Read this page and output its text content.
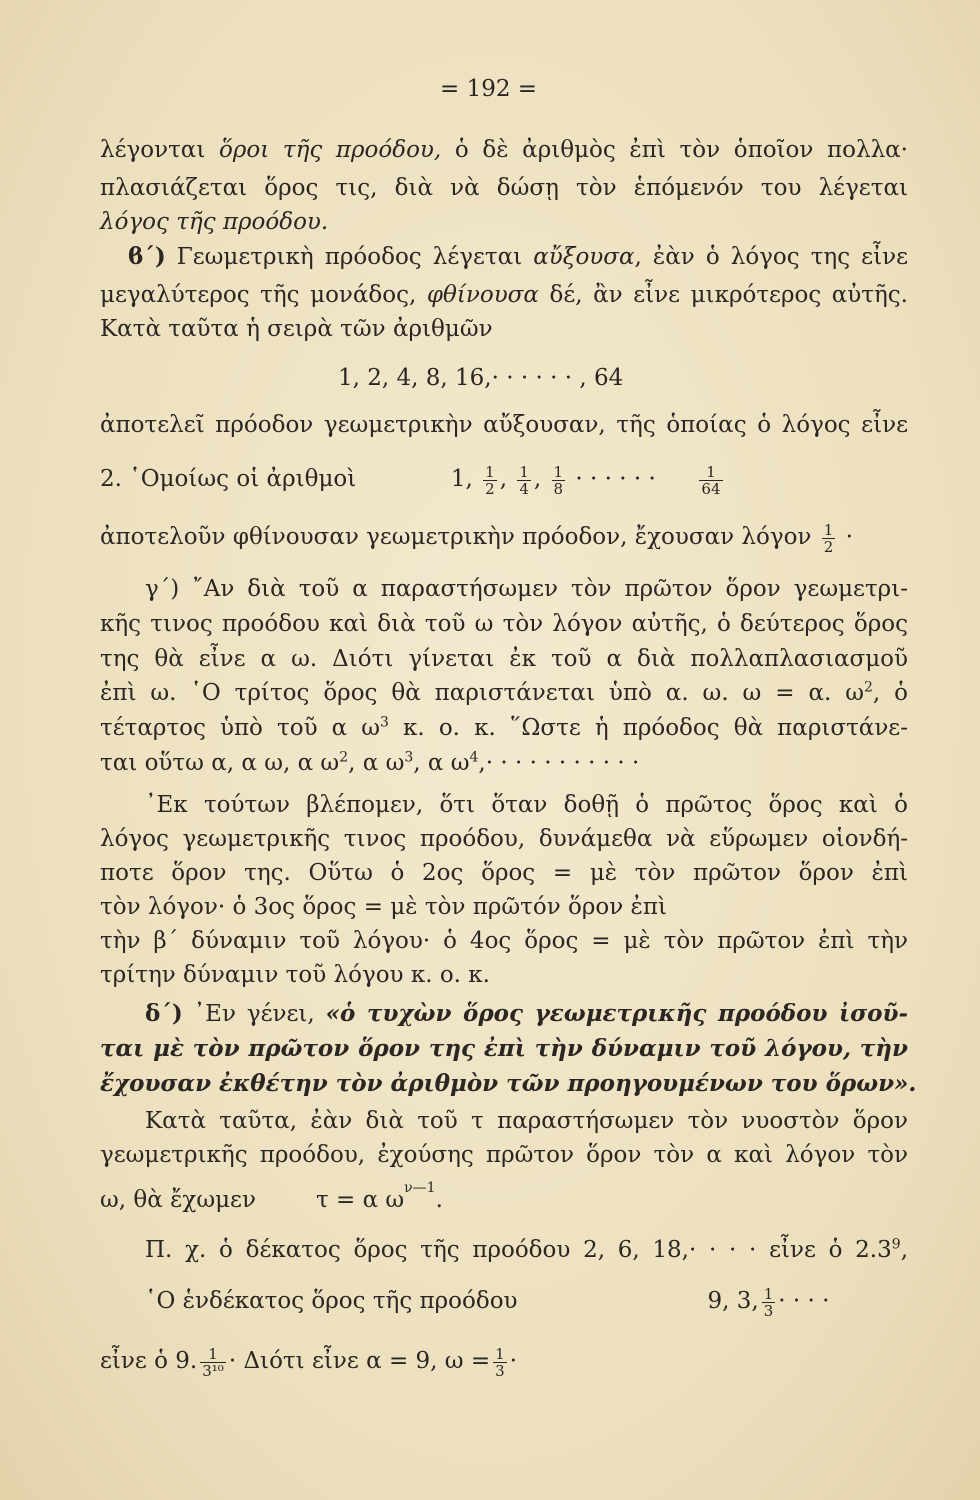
= 192 =
λέγονται ὅροι τῆς προόδου, ὁ δὲ ἀριθμὸς ἐπὶ τὸν ὁποῖον πολλα·
πλασιάζεται ὅρος τις, διὰ νὰ δώσῃ τὸν ἑπόμενόν του λέγεται
λόγος τῆς προόδου.
ϐ΄) Γεωμετρικὴ πρόοδος λέγεται αὔξουσα, ἐὰν ὁ λόγος της εἶνε
μεγαλύτερος τῆς μονάδος, φθίνουσα δέ, ἂν εἶνε μικρότερος αὐτῆς.
Κατὰ ταῦτα ἡ σειρὰ τῶν ἀριθμῶν
1, 2, 4, 8, 16,· · · · · · , 64
ἀποτελεῖ πρόοδον γεωμετρικὴν αὔξουσαν, τῆς ὁποίας ὁ λόγος εἶνε
2. ῾Ομοίως οἱ ἀριθμοὶ	1, $\frac{1}{2}$ , $\frac{1}{4}$ , $\frac{1}{8}$ · · · · · ·	$\frac{1}{64}$
ἀποτελοῦν φθίνουσαν γεωμετρικὴν πρόοδον, ἔχουσαν λόγον $\frac{1}{2}$ ·
γ΄) ῎Αν διὰ τοῦ α παραστήσωμεν τὸν πρῶτον ὅρον γεωμετρι-
κῆς τινος προόδου καὶ διὰ τοῦ ω τὸν λόγον αὐτῆς, ὁ δεύτερος ὅρος
της θὰ εἶνε α ω. Διότι γίνεται ἐκ τοῦ α διὰ πολλαπλασιασμοῦ
ἐπὶ ω. ῾Ο τρίτος ὅρος θὰ παριστάνεται ὑπὸ α. ω. ω = α. $\omega^2$, ὁ
τέταρτος ὑπὸ τοῦ α $\omega^3$ κ. ο. κ. ῞Ωστε ἡ πρόοδος θὰ παριστάνε-
ται οὕτω α, α ω, α $\omega^2$, α $\omega^3$, α $\omega^4,\cdot$ · · · · · · · · · ·
᾿Εκ τούτων βλέπομεν, ὅτι ὅταν δοθῇ ὁ πρῶτος ὅρος καὶ ὁ
λόγος γεωμετρικῆς τινος προόδου, δυνάμεθα νὰ εὕρωμεν οἱονδή-
ποτε ὅρον της. Οὕτω ὁ 2ος ὅρος = μὲ τὸν πρῶτον ὅρον ἐπὶ
τὸν λόγον· ὁ 3ος ὅρος = μὲ τὸν πρῶτόν ὅρον ἐπὶ
τὴν β΄ δύναμιν τοῦ λόγου· ὁ 4ος ὅρος = μὲ τὸν πρῶτον ἐπὶ τὴν
τρίτην δύναμιν τοῦ λόγου κ. ο. κ.
δ΄) ᾿Εν γένει, «ὁ τυχὼν ὅρος γεωμετρικῆς προόδου ἰσοῦ-
ται μὲ τὸν πρῶτον ὅρον της ἐπὶ τὴν δύναμιν τοῦ λόγου, τὴν
ἔχουσαν ἐκθέτην τὸν ἀριθμὸν τῶν προηγουμένων του ὅρων».
Κατὰ ταῦτα, ἐὰν διὰ τοῦ τ παραστήσωμεν τὸν νυοστὸν ὅρον
γεωμετρικῆς προόδου, ἐχούσης πρῶτον ὅρον τὸν α καὶ λόγον τὸν
ω, θὰ ἔχωμεν	τ = α $\omega^{\nu—1}$.
Π. χ. ὁ δέκατος ὅρος τῆς προόδου 2, 6, 18,· · · · εἶνε ὁ $2.3^9$,
῾Ο ἑνδέκατος ὅρος τῆς προόδου	9, 3, $\frac{1}{3}$ · · · ·
εἶνε ὁ 9. $\frac{1}{\text{3¹⁰}} \cdot \Delta\iota ό\tau\iota$ εἶνε α = 9, $\omega = \frac{1}{3}$ ·
